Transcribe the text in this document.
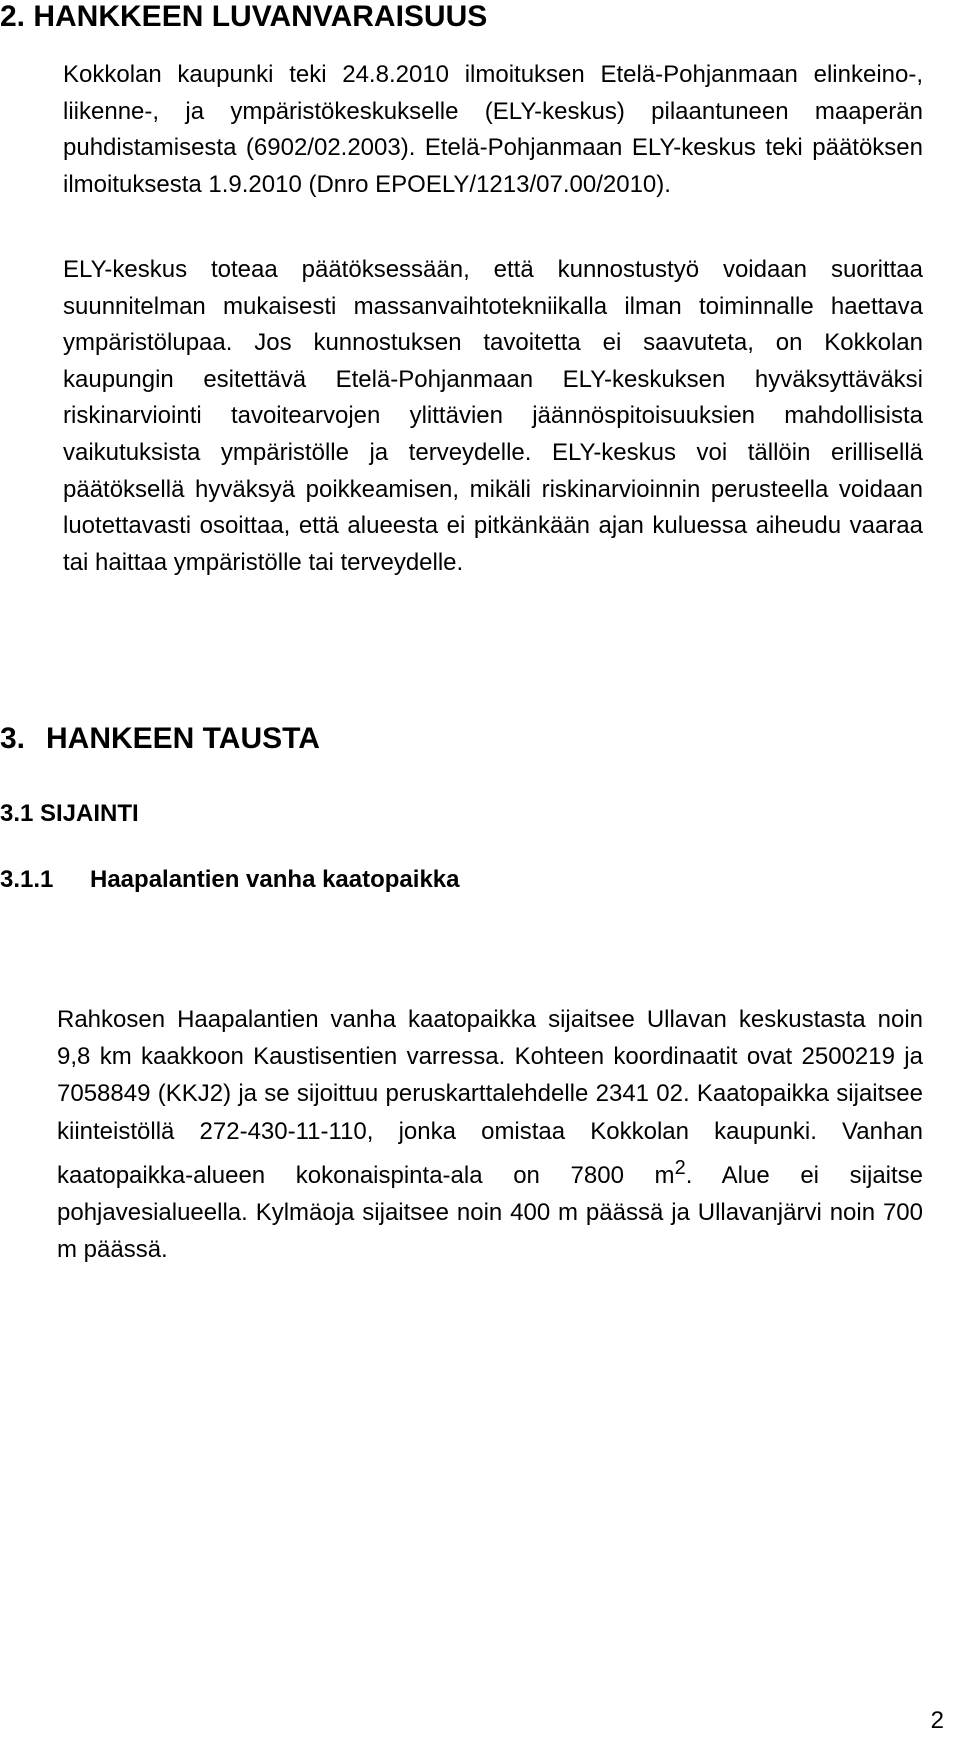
2. HANKKEEN LUVANVARAISUUS

Kokkolan kaupunki teki 24.8.2010 ilmoituksen Etelä-Pohjanmaan elinkeino-, liikenne-, ja ympäristökeskukselle (ELY-keskus) pilaantuneen maaperän puhdistamisesta (6902/02.2003). Etelä-Pohjanmaan ELY-keskus teki päätöksen ilmoituksesta 1.9.2010 (Dnro EPOELY/1213/07.00/2010).

ELY-keskus toteaa päätöksessään, että kunnostustyö voidaan suorittaa suunnitelman mukaisesti massanvaihtotekniikalla ilman toiminnalle haettava ympäristölupaa. Jos kunnostuksen tavoitetta ei saavuteta, on Kokkolan kaupungin esitettävä Etelä-Pohjanmaan ELY-keskuksen hyväksyttäväksi riskinarviointi tavoitearvojen ylittävien jäännöspitoisuuksien mahdollisista vaikutuksista ympäristölle ja terveydelle. ELY-keskus voi tällöin erillisellä päätöksellä hyväksyä poikkeamisen, mikäli riskinarvioinnin perusteella voidaan luotettavasti osoittaa, että alueesta ei pitkänkään ajan kuluessa aiheudu vaaraa tai haittaa ympäristölle tai terveydelle.

3. HANKEEN TAUSTA
3.1 SIJAINTI
3.1.1 Haapalantien vanha kaatopaikka

Rahkosen Haapalantien vanha kaatopaikka sijaitsee Ullavan keskustasta noin 9,8 km kaakkoon Kaustisentien varressa. Kohteen koordinaatit ovat 2500219 ja 7058849 (KKJ2) ja se sijoittuu peruskarttalehdelle 2341 02. Kaatopaikka sijaitsee kiinteistöllä 272-430-11-110, jonka omistaa Kokkolan kaupunki. Vanhan kaatopaikka-alueen kokonaispinta-ala on 7800 $m^2$. Alue ei sijaitse pohjavesialueella. Kylmäoja sijaitsee noin 400 m päässä ja Ullavanjärvi noin 700 m päässä.

2
